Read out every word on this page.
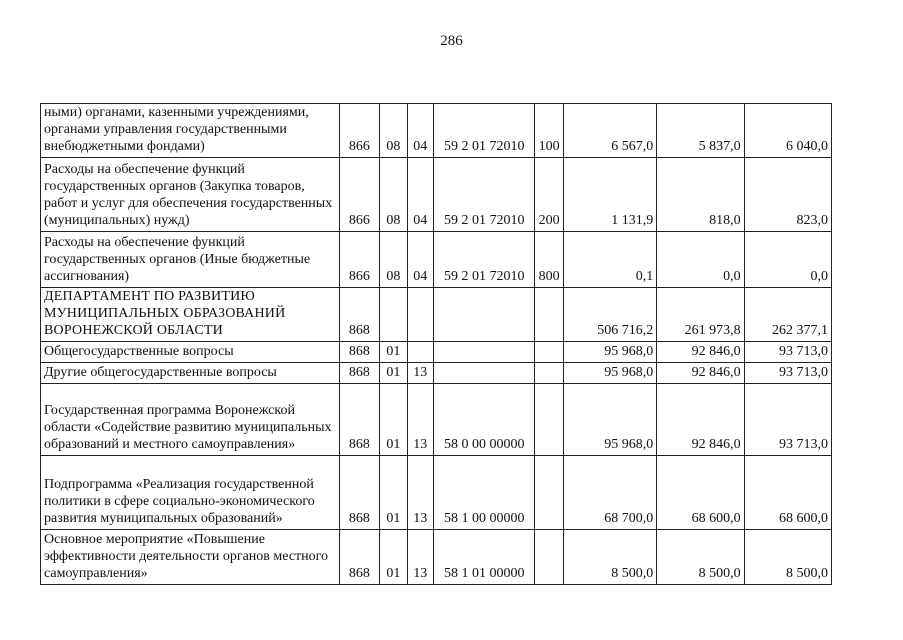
286
ными) органами, казенными учреждениями, органами управления государственными внебюджетными фондами)	866	08	04	59 2 01 72010	100	6 567,0	5 837,0	6 040,0
Расходы на обеспечение функций государственных органов (Закупка товаров, работ и услуг для обеспечения государственных (муниципальных) нужд)	866	08	04	59 2 01 72010	200	1 131,9	818,0	823,0
Расходы на обеспечение функций государственных органов (Иные бюджетные ассигнования)	866	08	04	59 2 01 72010	800	0,1	0,0	0,0
ДЕПАРТАМЕНТ ПО РАЗВИТИЮ МУНИЦИПАЛЬНЫХ ОБРАЗОВАНИЙ ВОРОНЕЖСКОЙ ОБЛАСТИ	868					506 716,2	261 973,8	262 377,1
Общегосударственные вопросы	868	01				95 968,0	92 846,0	93 713,0
Другие общегосударственные вопросы	868	01	13			95 968,0	92 846,0	93 713,0
Государственная программа Воронежской области «Содействие развитию муниципальных образований и местного самоуправления»	868	01	13	58 0 00 00000		95 968,0	92 846,0	93 713,0
Подпрограмма «Реализация государственной политики в сфере социально-экономического развития муниципальных образований»	868	01	13	58 1 00 00000		68 700,0	68 600,0	68 600,0
Основное мероприятие «Повышение эффективности деятельности органов местного самоуправления»	868	01	13	58 1 01 00000		8 500,0	8 500,0	8 500,0
